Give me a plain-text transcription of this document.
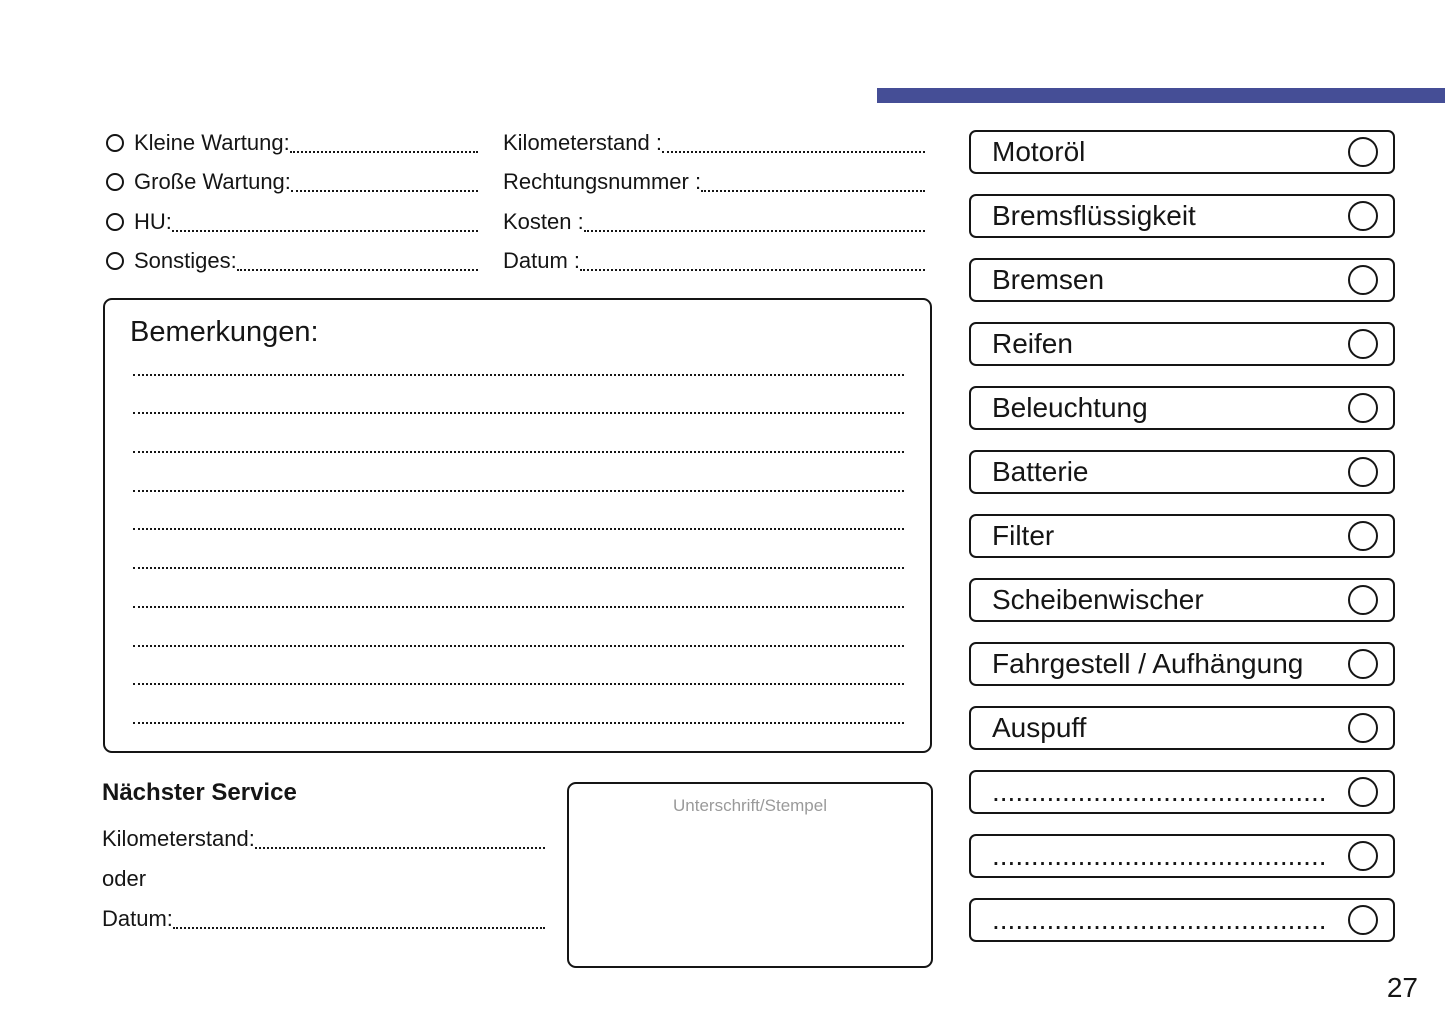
Kleine Wartung:
Große Wartung:
HU:
Sonstiges:
Kilometerstand :
Rechtungsnummer :
Kosten :
Datum :
Bemerkungen:
Nächster Service
Kilometerstand:
oder
Datum:
Unterschrift/Stempel
Motoröl
Bremsflüssigkeit
Bremsen
Reifen
Beleuchtung
Batterie
Filter
Scheibenwischer
Fahrgestell / Aufhängung
Auspuff
...........................................
...........................................
...........................................
27
